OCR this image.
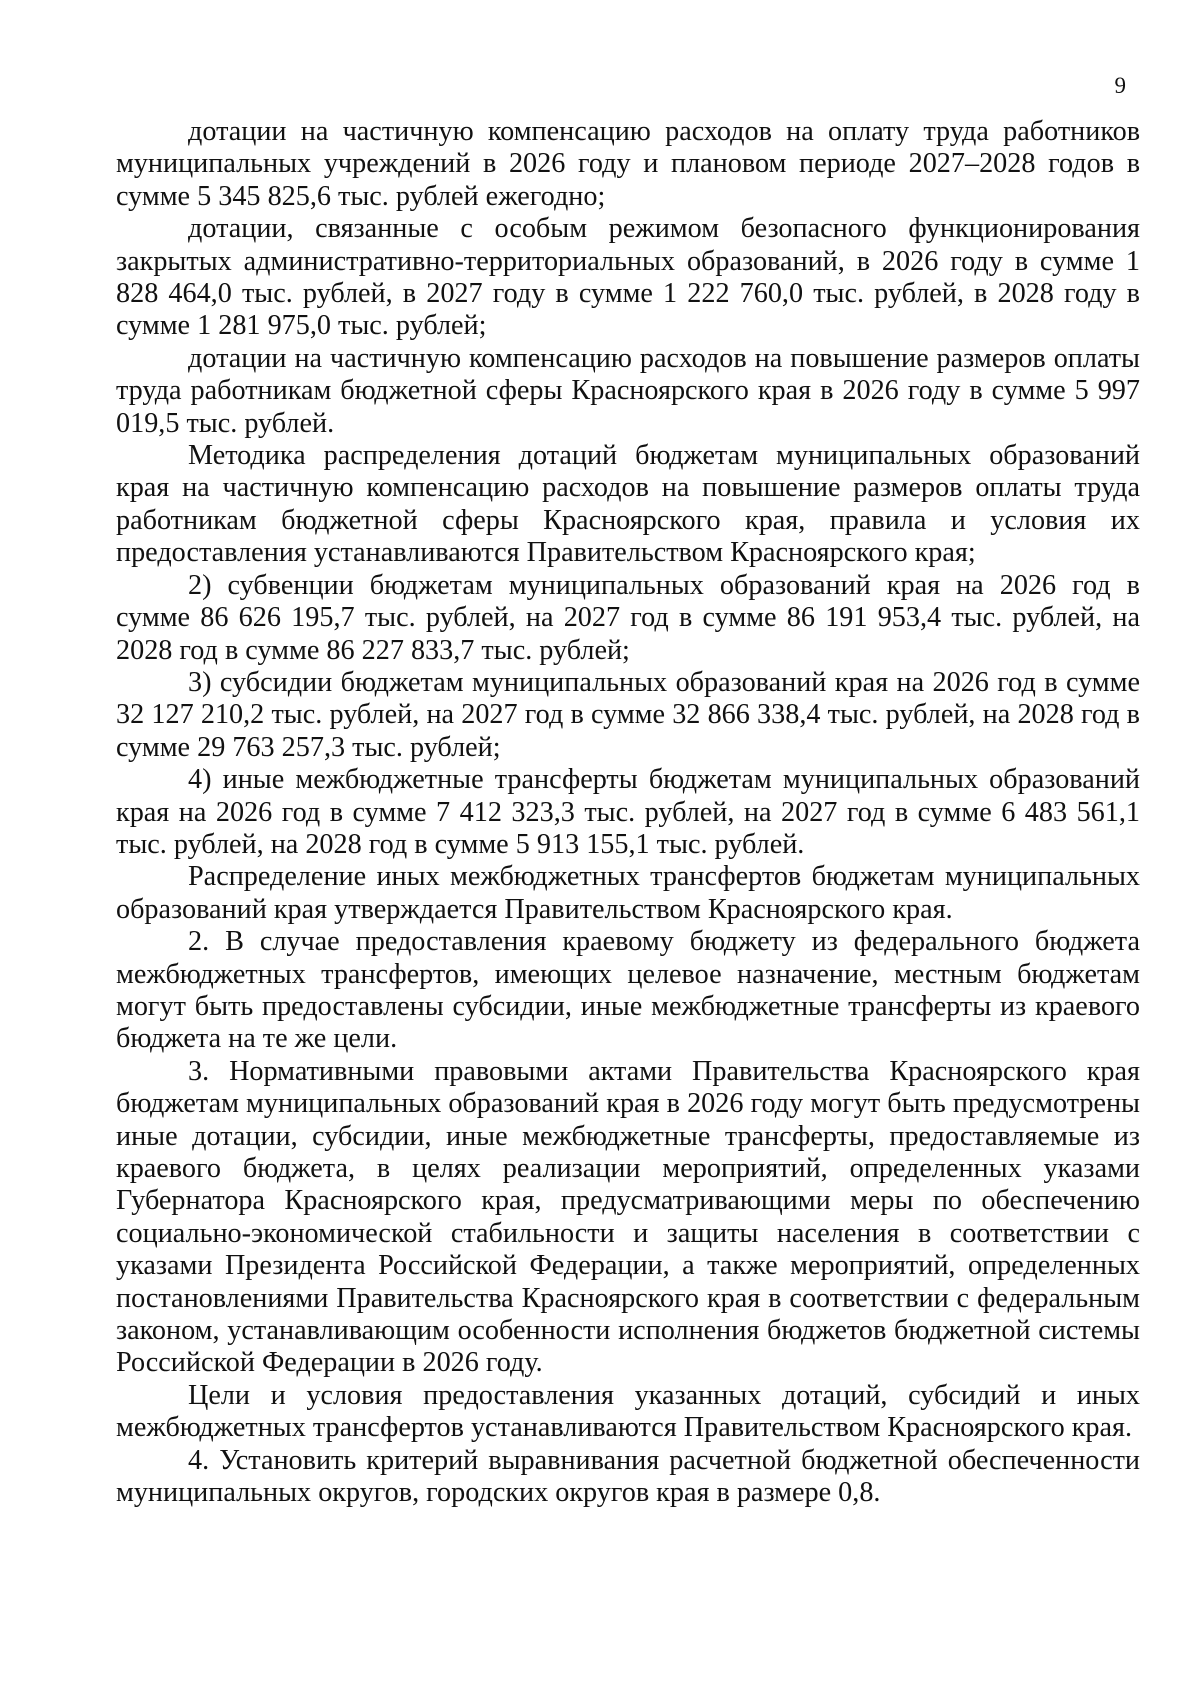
9

дотации на частичную компенсацию расходов на оплату труда работников муниципальных учреждений в 2026 году и плановом периоде 2027–2028 годов в сумме 5 345 825,6 тыс. рублей ежегодно;

дотации, связанные с особым режимом безопасного функционирования закрытых административно-территориальных образований, в 2026 году в сумме 1 828 464,0 тыс. рублей, в 2027 году в сумме 1 222 760,0 тыс. рублей, в 2028 году в сумме 1 281 975,0 тыс. рублей;

дотации на частичную компенсацию расходов на повышение размеров оплаты труда работникам бюджетной сферы Красноярского края в 2026 году в сумме 5 997 019,5 тыс. рублей.

Методика распределения дотаций бюджетам муниципальных образований края на частичную компенсацию расходов на повышение размеров оплаты труда работникам бюджетной сферы Красноярского края, правила и условия их предоставления устанавливаются Правительством Красноярского края;

2) субвенции бюджетам муниципальных образований края на 2026 год в сумме 86 626 195,7 тыс. рублей, на 2027 год в сумме 86 191 953,4 тыс. рублей, на 2028 год в сумме 86 227 833,7 тыс. рублей;

3) субсидии бюджетам муниципальных образований края на 2026 год в сумме 32 127 210,2 тыс. рублей, на 2027 год в сумме 32 866 338,4 тыс. рублей, на 2028 год в сумме 29 763 257,3 тыс. рублей;

4) иные межбюджетные трансферты бюджетам муниципальных образований края на 2026 год в сумме 7 412 323,3 тыс. рублей, на 2027 год в сумме 6 483 561,1 тыс. рублей, на 2028 год в сумме 5 913 155,1 тыс. рублей.

Распределение иных межбюджетных трансфертов бюджетам муниципальных образований края утверждается Правительством Красноярского края.

2. В случае предоставления краевому бюджету из федерального бюджета межбюджетных трансфертов, имеющих целевое назначение, местным бюджетам могут быть предоставлены субсидии, иные межбюджетные трансферты из краевого бюджета на те же цели.

3. Нормативными правовыми актами Правительства Красноярского края бюджетам муниципальных образований края в 2026 году могут быть предусмотрены иные дотации, субсидии, иные межбюджетные трансферты, предоставляемые из краевого бюджета, в целях реализации мероприятий, определенных указами Губернатора Красноярского края, предусматривающими меры по обеспечению социально-экономической стабильности и защиты населения в соответствии с указами Президента Российской Федерации, а также мероприятий, определенных постановлениями Правительства Красноярского края в соответствии с федеральным законом, устанавливающим особенности исполнения бюджетов бюджетной системы Российской Федерации в 2026 году.

Цели и условия предоставления указанных дотаций, субсидий и иных межбюджетных трансфертов устанавливаются Правительством Красноярского края.

4. Установить критерий выравнивания расчетной бюджетной обеспеченности муниципальных округов, городских округов края в размере 0,8.
